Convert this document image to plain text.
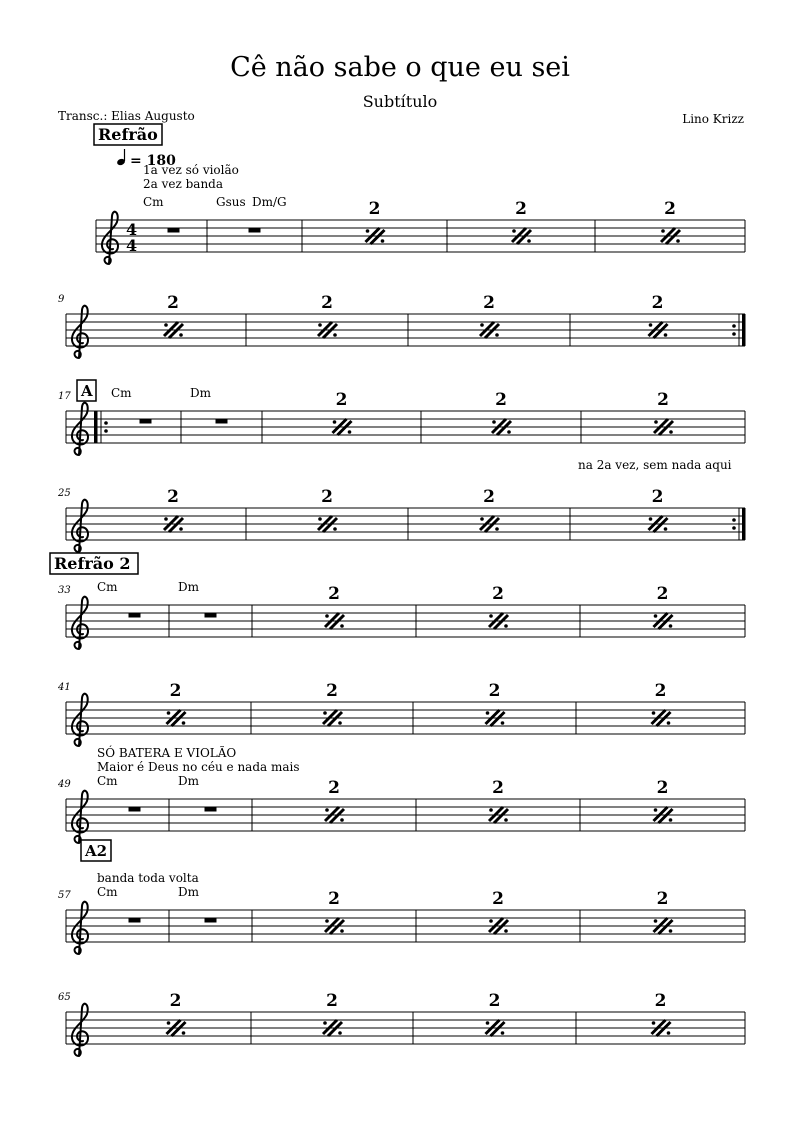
Cê não sabe o que eu sei
Subtítulo
Transc.: Elias Augusto	Lino Krizz
4
4
2	2	2
Cm	Gsus Dm/G
1a vez só violão
2a vez banda
Refrão
= 180
2	2	2	2
9
2	2	2
17	Cm	Dm
na 2a vez, sem nada aqui
A
2	2	2	2
25
2	2	2
33 Cm	Dm
Refrão 2
2	2	2	2
41
2	2	2
49 Cm	Dm
SÓ BATERA E VIOLÃO
Maior é Deus no céu e nada mais
2	2	2
57 Cm	Dm
banda toda volta
A2
2	2	2	2
65
